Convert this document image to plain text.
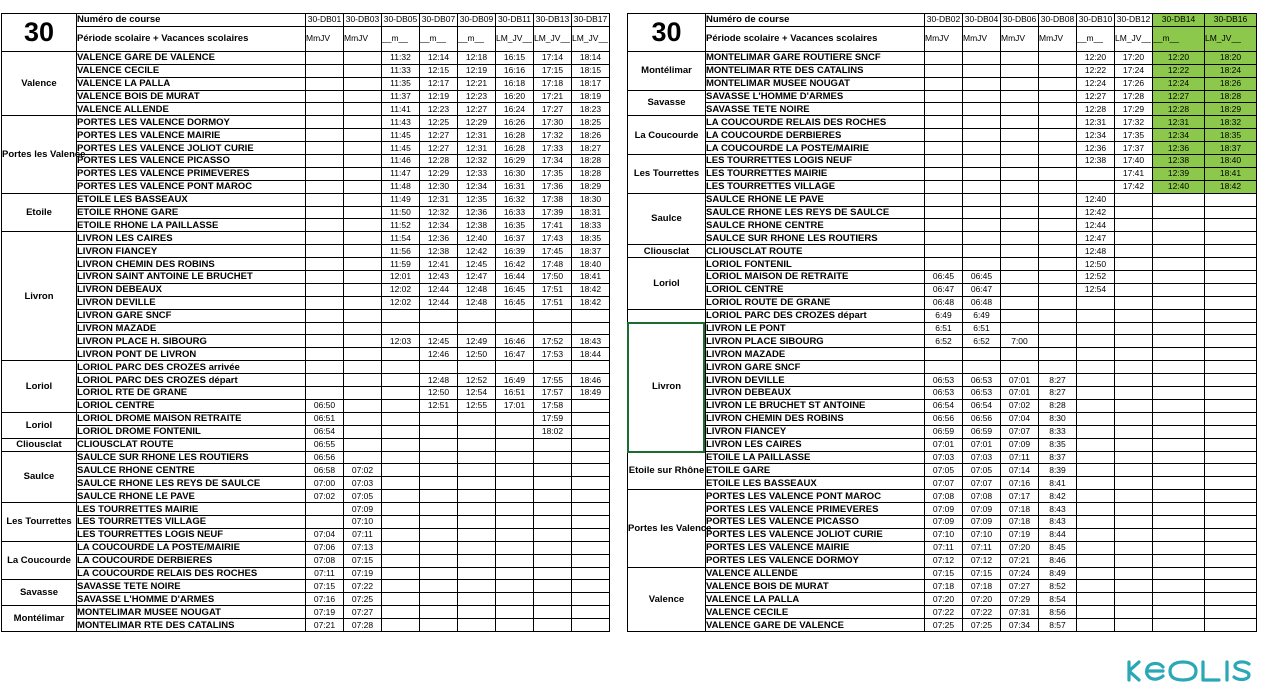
30	Numéro de course	30-DB01	30-DB03	30-DB05	30-DB07	30-DB09	30-DB11	30-DB13	30-DB17
	Période scolaire + Vacances scolaires	MmJV	MmJV	__m__	__m__	__m__	LM_JV__	LM_JV__	LM_JV__
Valence	VALENCE GARE DE VALENCE			11:32	12:14	12:18	16:15	17:14	18:14
	VALENCE CECILE			11:33	12:15	12:19	16:16	17:15	18:15
	VALENCE LA PALLA			11:35	12:17	12:21	16:18	17:18	18:17
	VALENCE BOIS DE MURAT			11:37	12:19	12:23	16:20	17:21	18:19
	VALENCE ALLENDE			11:41	12:23	12:27	16:24	17:27	18:23
Portes les Valence	PORTES LES VALENCE DORMOY			11:43	12:25	12:29	16:26	17:30	18:25
	PORTES LES VALENCE MAIRIE			11:45	12:27	12:31	16:28	17:32	18:26
	PORTES LES VALENCE JOLIOT CURIE			11:45	12:27	12:31	16:28	17:33	18:27
	PORTES LES VALENCE PICASSO			11:46	12:28	12:32	16:29	17:34	18:28
	PORTES LES VALENCE PRIMEVERES			11:47	12:29	12:33	16:30	17:35	18:28
	PORTES LES VALENCE PONT MAROC			11:48	12:30	12:34	16:31	17:36	18:29
Etoile	ETOILE LES BASSEAUX			11:49	12:31	12:35	16:32	17:38	18:30
	ETOILE RHONE GARE			11:50	12:32	12:36	16:33	17:39	18:31
	ETOILE RHONE LA PAILLASSE			11:52	12:34	12:38	16:35	17:41	18:33
Livron	LIVRON LES CAIRES			11:54	12:36	12:40	16:37	17:43	18:35
	LIVRON FIANCEY			11:56	12:38	12:42	16:39	17:45	18:37
	LIVRON CHEMIN DES ROBINS			11:59	12:41	12:45	16:42	17:48	18:40
	LIVRON SAINT ANTOINE LE BRUCHET			12:01	12:43	12:47	16:44	17:50	18:41
	LIVRON DEBEAUX			12:02	12:44	12:48	16:45	17:51	18:42
	LIVRON DEVILLE			12:02	12:44	12:48	16:45	17:51	18:42
	LIVRON GARE SNCF								
	LIVRON MAZADE								
	LIVRON PLACE H. SIBOURG			12:03	12:45	12:49	16:46	17:52	18:43
	LIVRON PONT DE LIVRON				12:46	12:50	16:47	17:53	18:44
Loriol	LORIOL PARC DES CROZES arrivée								
	LORIOL PARC DES CROZES départ				12:48	12:52	16:49	17:55	18:46
	LORIOL RTE DE GRANE				12:50	12:54	16:51	17:57	18:49
	LORIOL CENTRE	06:50			12:51	12:55	17:01	17:58	
Loriol	LORIOL DROME MAISON RETRAITE	06:51						17:59	
	LORIOL DROME FONTENIL	06:54						18:02	
Cliousclat	CLIOUSCLAT ROUTE	06:55							
Saulce	SAULCE SUR RHONE LES ROUTIERS	06:56							
	SAULCE RHONE CENTRE	06:58	07:02						
	SAULCE RHONE LES REYS DE SAULCE	07:00	07:03						
	SAULCE RHONE LE PAVE	07:02	07:05						
Les Tourrettes	LES TOURRETTES MAIRIE		07:09						
	LES TOURRETTES VILLAGE		07:10						
	LES TOURRETTES LOGIS NEUF	07:04	07:11						
La Coucourde	LA COUCOURDE LA POSTE/MAIRIE	07:06	07:13						
	LA COUCOURDE DERBIERES	07:08	07:15						
	LA COUCOURDE RELAIS DES ROCHES	07:11	07:19						
Savasse	SAVASSE TETE NOIRE	07:15	07:22						
	SAVASSE L'HOMME D'ARMES	07:16	07:25						
Montélimar	MONTELIMAR MUSEE NOUGAT	07:19	07:27						
	MONTELIMAR RTE DES CATALINS	07:21	07:28						
30	Numéro de course	30-DB02	30-DB04	30-DB06	30-DB08	30-DB10	30-DB12	30-DB14	30-DB16
	Période scolaire + Vacances scolaires	MmJV	MmJV	MmJV	MmJV	__m__	LM_JV__	__m__	LM_JV__
Montélimar	MONTELIMAR GARE ROUTIERE SNCF					12:20	17:20	12:20	18:20
	MONTELIMAR RTE DES CATALINS					12:22	17:24	12:22	18:24
	MONTELIMAR MUSEE NOUGAT					12:24	17:26	12:24	18:26
Savasse	SAVASSE L'HOMME D'ARMES					12:27	17:28	12:27	18:28
	SAVASSE TETE NOIRE					12:28	17:29	12:28	18:29
La Coucourde	LA COUCOURDE RELAIS DES ROCHES					12:31	17:32	12:31	18:32
	LA COUCOURDE DERBIERES					12:34	17:35	12:34	18:35
	LA COUCOURDE LA POSTE/MAIRIE					12:36	17:37	12:36	18:37
Les Tourrettes	LES TOURRETTES LOGIS NEUF					12:38	17:40	12:38	18:40
	LES TOURRETTES MAIRIE						17:41	12:39	18:41
	LES TOURRETTES VILLAGE						17:42	12:40	18:42
Saulce	SAULCE RHONE LE PAVE					12:40			
	SAULCE RHONE LES REYS DE SAULCE					12:42			
	SAULCE RHONE CENTRE					12:44			
	SAULCE SUR RHONE LES ROUTIERS					12:47			
Cliousclat	CLIOUSCLAT ROUTE					12:48			
Loriol	LORIOL FONTENIL					12:50			
	LORIOL MAISON DE RETRAITE	06:45	06:45			12:52			
	LORIOL CENTRE	06:47	06:47			12:54			
	LORIOL ROUTE DE GRANE	06:48	06:48						
	LORIOL PARC DES CROZES départ	6:49	6:49						
Livron	LIVRON LE PONT	6:51	6:51						
	LIVRON PLACE SIBOURG	6:52	6:52	7:00					
	LIVRON MAZADE								
	LIVRON GARE SNCF								
	LIVRON DEVILLE	06:53	06:53	07:01	8:27				
	LIVRON DEBEAUX	06:53	06:53	07:01	8:27				
	LIVRON LE BRUCHET ST ANTOINE	06:54	06:54	07:02	8:28				
	LIVRON CHEMIN DES ROBINS	06:56	06:56	07:04	8:30				
	LIVRON FIANCEY	06:59	06:59	07:07	8:33				
	LIVRON LES CAIRES	07:01	07:01	07:09	8:35				
Etoile sur Rhône	ETOILE LA PAILLASSE	07:03	07:03	07:11	8:37				
	ETOILE GARE	07:05	07:05	07:14	8:39				
	ETOILE LES BASSEAUX	07:07	07:07	07:16	8:41				
Portes les Valence	PORTES LES VALENCE PONT MAROC	07:08	07:08	07:17	8:42				
	PORTES LES VALENCE PRIMEVERES	07:09	07:09	07:18	8:43				
	PORTES LES VALENCE PICASSO	07:09	07:09	07:18	8:43				
	PORTES LES VALENCE JOLIOT CURIE	07:10	07:10	07:19	8:44				
	PORTES LES VALENCE MAIRIE	07:11	07:11	07:20	8:45				
	PORTES LES VALENCE DORMOY	07:12	07:12	07:21	8:46				
Valence	VALENCE ALLENDE	07:15	07:15	07:24	8:49				
	VALENCE BOIS DE MURAT	07:18	07:18	07:27	8:52				
	VALENCE LA PALLA	07:20	07:20	07:29	8:54				
	VALENCE CECILE	07:22	07:22	07:31	8:56				
	VALENCE GARE DE VALENCE	07:25	07:25	07:34	8:57				
